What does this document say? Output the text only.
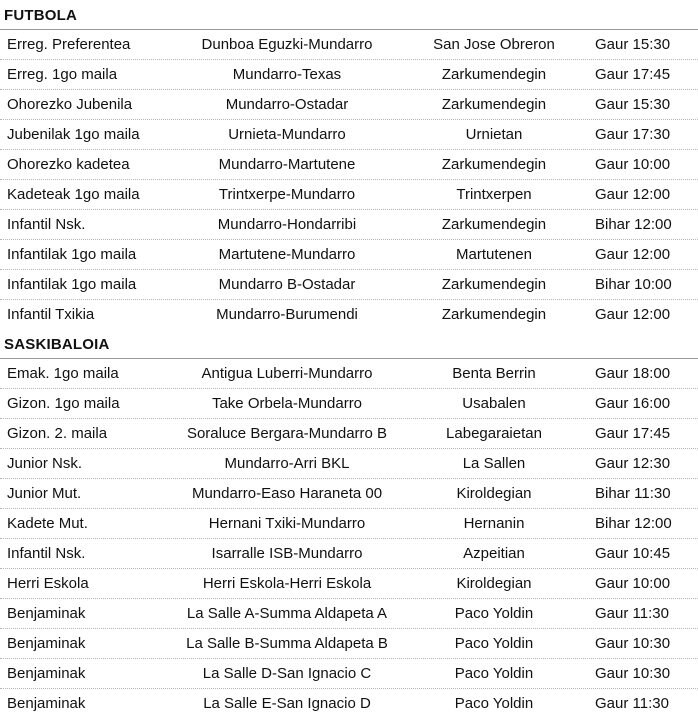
FUTBOLA
Erreg. Preferentea	Dunboa Eguzki-Mundarro	San Jose Obreron	Gaur 15:30
Erreg. 1go maila	Mundarro-Texas	Zarkumendegin	Gaur 17:45
Ohorezko Jubenila	Mundarro-Ostadar	Zarkumendegin	Gaur 15:30
Jubenilak 1go maila	Urnieta-Mundarro	Urnietan	Gaur 17:30
Ohorezko kadetea	Mundarro-Martutene	Zarkumendegin	Gaur 10:00
Kadeteak 1go maila	Trintxerpe-Mundarro	Trintxerpen	Gaur 12:00
Infantil Nsk.	Mundarro-Hondarribi	Zarkumendegin	Bihar 12:00
Infantilak 1go maila	Martutene-Mundarro	Martutenen	Gaur 12:00
Infantilak 1go maila	Mundarro B-Ostadar	Zarkumendegin	Bihar 10:00
Infantil Txikia	Mundarro-Burumendi	Zarkumendegin	Gaur 12:00
SASKIBALOIA
Emak. 1go maila	Antigua Luberri-Mundarro	Benta Berrin	Gaur 18:00
Gizon. 1go maila	Take Orbela-Mundarro	Usabalen	Gaur 16:00
Gizon. 2. maila	Soraluce Bergara-Mundarro B	Labegaraietan	Gaur 17:45
Junior Nsk.	Mundarro-Arri BKL	La Sallen	Gaur 12:30
Junior Mut.	Mundarro-Easo Haraneta 00	Kiroldegian	Bihar 11:30
Kadete Mut.	Hernani Txiki-Mundarro	Hernanin	Bihar 12:00
Infantil Nsk.	Isarralle ISB-Mundarro	Azpeitian	Gaur 10:45
Herri Eskola	Herri Eskola-Herri Eskola	Kiroldegian	Gaur 10:00
Benjaminak	La Salle A-Summa Aldapeta A	Paco Yoldin	Gaur 11:30
Benjaminak	La Salle B-Summa Aldapeta B	Paco Yoldin	Gaur 10:30
Benjaminak	La Salle D-San Ignacio C	Paco Yoldin	Gaur 10:30
Benjaminak	La Salle E-San Ignacio D	Paco Yoldin	Gaur 11:30
